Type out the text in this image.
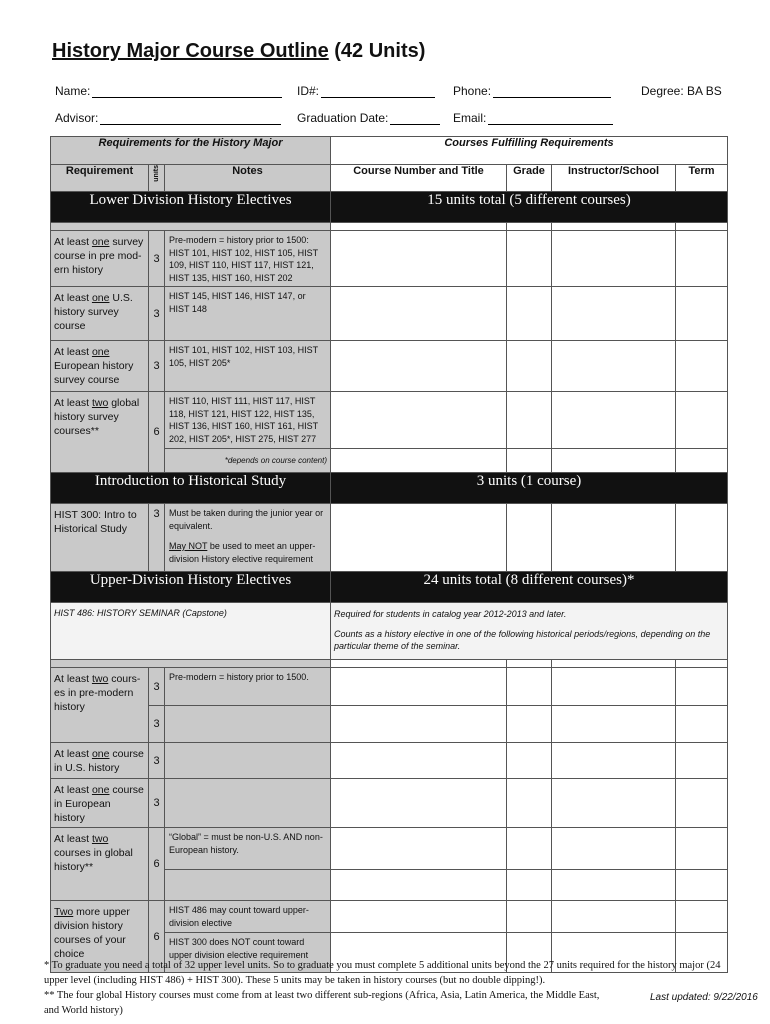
History Major Course Outline (42 Units)
Name:	ID#:	Phone:	Degree: BA BS
Advisor:	Graduation Date:	Email:
Requirements for the History Major			Courses Fulfilling Requirements			
Requirement	units	Notes	Course Number and Title	Grade	Instructor/School	Term
Lower Division History Electives			15 units total (5 different courses)			

At least one survey course in pre mod-ern history	3	Pre-modern = history prior to 1500: HIST 101, HIST 102, HIST 105, HIST 109, HIST 110, HIST 117, HIST 121, HIST 135, HIST 160, HIST 202				
At least one U.S. history survey course	3	HIST 145, HIST 146, HIST 147, or HIST 148				
At least one European history survey course	3	HIST 101, HIST 102, HIST 103, HIST 105, HIST 205*				
At least two global history survey courses**	6	HIST 110, HIST 111, HIST 117, HIST 118, HIST 121, HIST 122, HIST 135, HIST 136, HIST 160, HIST 161, HIST 202, HIST 205*, HIST 275, HIST 277				
		*depends on course content)				
Introduction to Historical Study			3 units (1 course)			
HIST 300: Intro to Historical Study	3	Must be taken during the junior year or equivalent.
May NOT be used to meet an upper-division History elective requirement				

Upper-Division History Electives			24 units total (8 different courses)*			
HIST 486: HISTORY SEMINAR (Capstone)			Required for students in catalog year 2012-2013 and later.
Counts as a history elective in one of the following historical periods/regions, depending on the particular theme of the seminar.			

At least two cours-es in pre-modern history	3	Pre-modern = history prior to 1500.				
	3					
At least one course in U.S. history	3					
At least one course in European history	3					
At least two courses in global history**	6	“Global” = must be non-U.S. AND non-European history.				

Two more upper division history courses of your choice	6	HIST 486 may count toward upper-division elective				
		HIST 300 does NOT count toward upper division elective requirement				
* To graduate you need a total of 32 upper level units. So to graduate you must complete 5 additional units beyond the 27 units required for the history major (24 upper level (including HIST 486) + HIST 300). These 5 units may be taken in history courses (but no double dipping!).
** The four global History courses must come from at least two different sub-regions (Africa, Asia, Latin America, the Middle East, and World history)
Last updated: 9/22/2016
